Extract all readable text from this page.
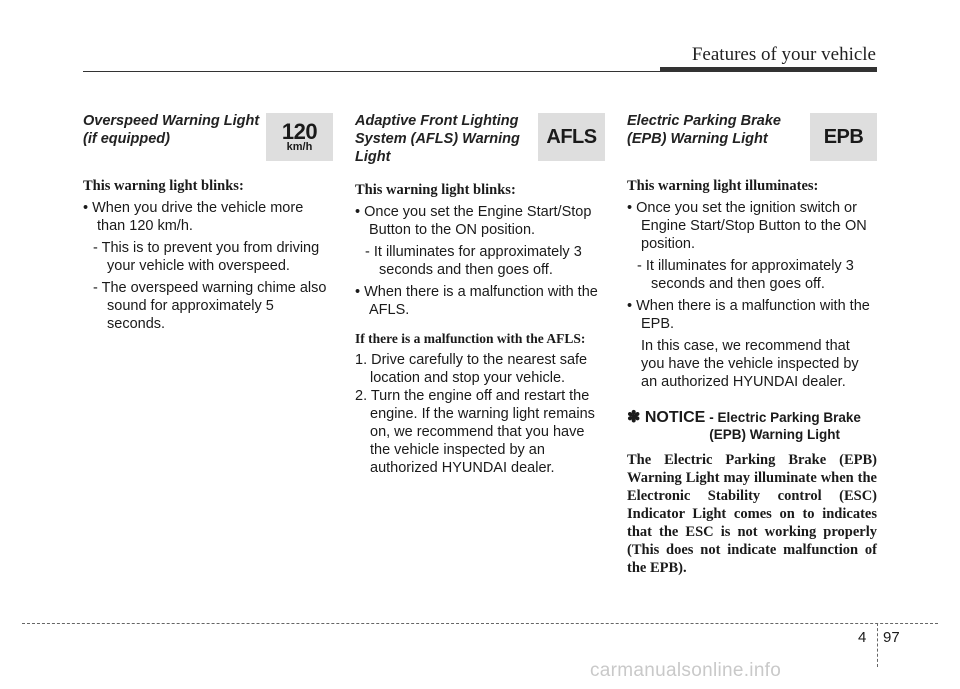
Features of your vehicle
Overspeed Warning Light (if equipped)	120
km/h
This warning light blinks:

• When you drive the vehicle more than 120 km/h.

- This is to prevent you from driving your vehicle with overspeed.

- The overspeed warning chime also sound for approximately 5 seconds.

Adaptive Front Lighting System (AFLS) Warning Light
AFLS
This warning light blinks:

• Once you set the Engine Start/Stop Button to the ON position.

- It illuminates for approximately 3 seconds and then goes off.

• When there is a malfunction with the AFLS.

If there is a malfunction with the AFLS:

1. Drive carefully to the nearest safe location and stop your vehicle.

2. Turn the engine off and restart the engine. If the warning light remains on, we recommend that you have the vehicle inspected by an authorized HYUNDAI dealer.

Electric Parking Brake (EPB) Warning Light	EPB
This warning light illuminates:

• Once you set the ignition switch or Engine Start/Stop Button to the ON position.

- It illuminates for approximately 3 seconds and then goes off.

• When there is a malfunction with the EPB.

In this case, we recommend that you have the vehicle inspected by an authorized HYUNDAI dealer.

✽ NOTICE - Electric Parking Brake (EPB) Warning Light
The Electric Parking Brake (EPB) Warning Light may illuminate when the Electronic Stability control (ESC) Indicator Light comes on to indicates that the ESC is not working properly (This does not indicate malfunction of the EPB).
4 97
carmanualsonline.info
